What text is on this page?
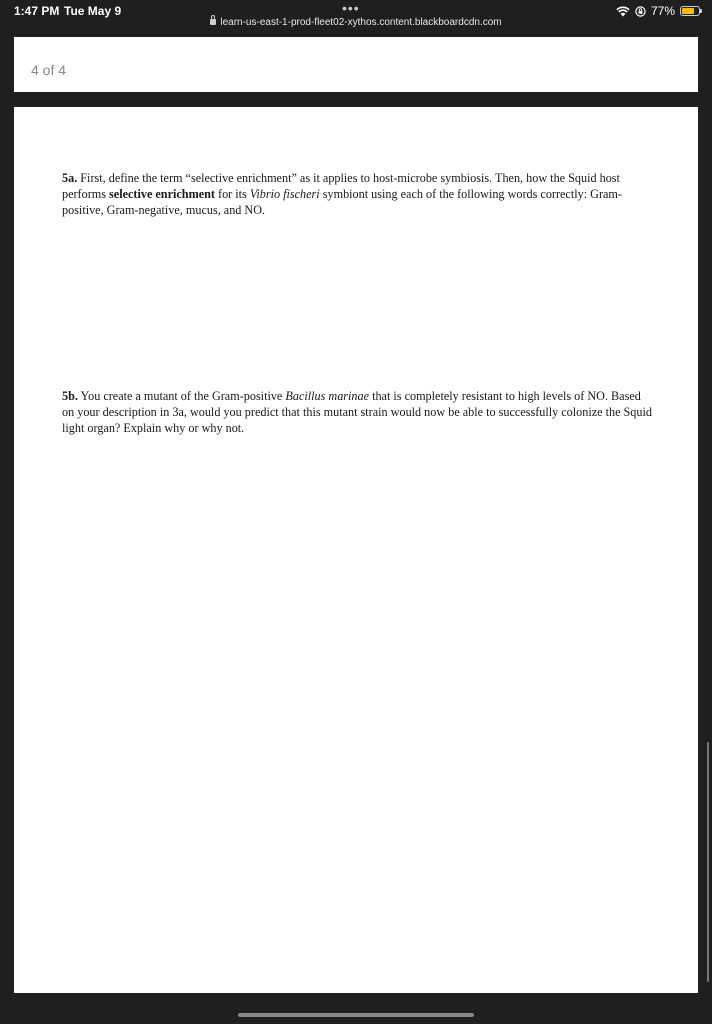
1:47 PM Tue May 9	•••	77%
learn-us-east-1-prod-fleet02-xythos.content.blackboardcdn.com
4 of 4

5a. First, define the term “selective enrichment” as it applies to host-microbe symbiosis. Then, how the Squid host performs selective enrichment for its Vibrio fischeri symbiont using each of the following words correctly: Gram-positive, Gram-negative, mucus, and NO.

5b. You create a mutant of the Gram-positive Bacillus marinae that is completely resistant to high levels of NO. Based on your description in 3a, would you predict that this mutant strain would now be able to successfully colonize the Squid light organ? Explain why or why not.
